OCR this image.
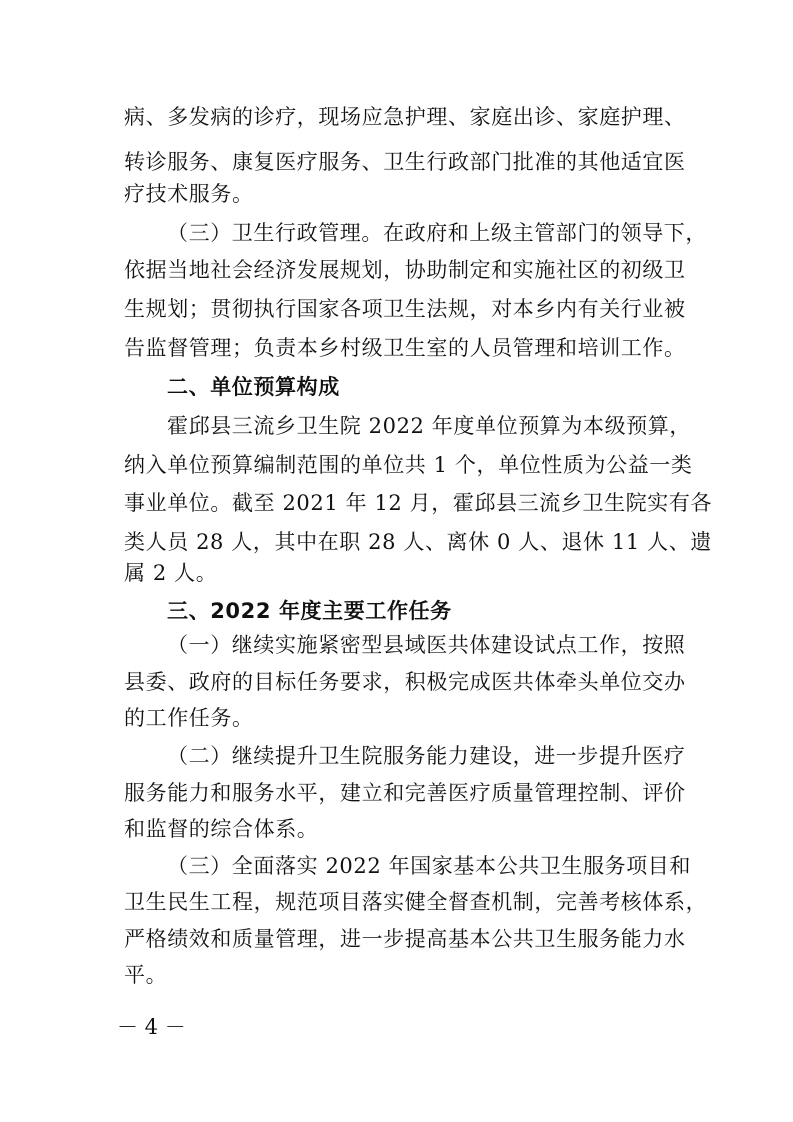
病、多发病的诊疗，现场应急护理、家庭出诊、家庭护理、
转诊服务、康复医疗服务、卫生行政部门批准的其他适宜医
疗技术服务。
（三）卫生行政管理。在政府和上级主管部门的领导下，
依据当地社会经济发展规划，协助制定和实施社区的初级卫
生规划；贯彻执行国家各项卫生法规，对本乡内有关行业被
告监督管理；负责本乡村级卫生室的人员管理和培训工作。
二、单位预算构成
霍邱县三流乡卫生院 2022 年度单位预算为本级预算，
纳入单位预算编制范围的单位共 1 个，单位性质为公益一类
事业单位。截至 2021 年 12 月，霍邱县三流乡卫生院实有各
类人员 28 人，其中在职 28 人、离休 0 人、退休 11 人、遗
属 2 人。
三、2022 年度主要工作任务
（一）继续实施紧密型县域医共体建设试点工作，按照
县委、政府的目标任务要求，积极完成医共体牵头单位交办
的工作任务。
（二）继续提升卫生院服务能力建设，进一步提升医疗
服务能力和服务水平，建立和完善医疗质量管理控制、评价
和监督的综合体系。
（三）全面落实 2022 年国家基本公共卫生服务项目和
卫生民生工程，规范项目落实健全督查机制，完善考核体系，
严格绩效和质量管理，进一步提高基本公共卫生服务能力水
平。
－ 4 －
